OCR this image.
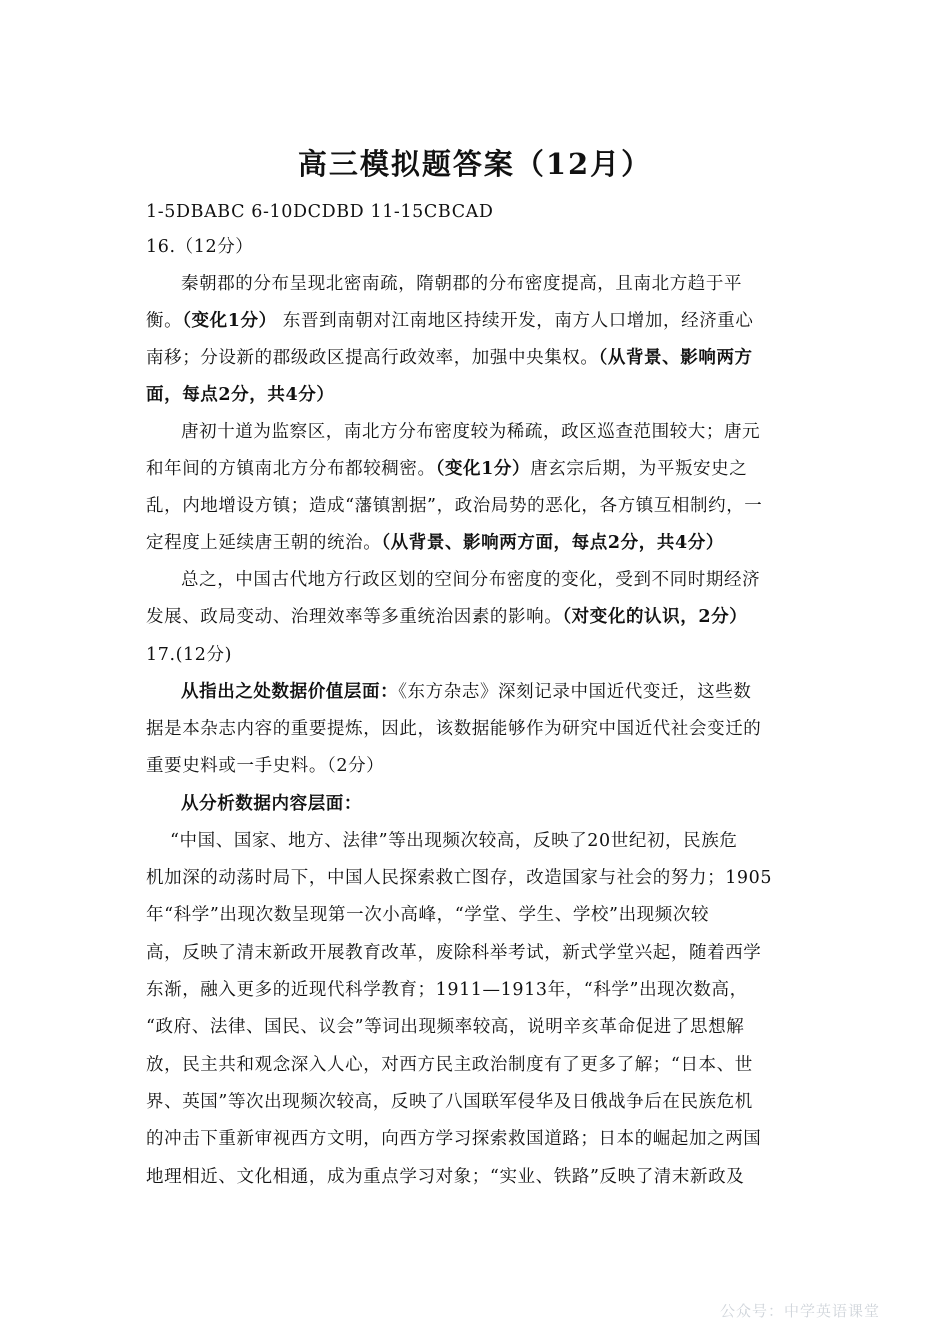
高三模拟题答案（12月）
1-5DBABC 6-10DCDBD 11-15CBCAD
16.（12分）
秦朝郡的分布呈现北密南疏，隋朝郡的分布密度提高，且南北方趋于平
衡。（变化1分） 东晋到南朝对江南地区持续开发，南方人口增加，经济重心
南移；分设新的郡级政区提高行政效率，加强中央集权。（从背景、影响两方
面，每点2分，共4分）
唐初十道为监察区，南北方分布密度较为稀疏，政区巡查范围较大；唐元
和年间的方镇南北方分布都较稠密。（变化1分）唐玄宗后期，为平叛安史之
乱，内地增设方镇；造成“藩镇割据”，政治局势的恶化，各方镇互相制约，一
定程度上延续唐王朝的统治。（从背景、影响两方面，每点2分，共4分）
总之，中国古代地方行政区划的空间分布密度的变化，受到不同时期经济
发展、政局变动、治理效率等多重统治因素的影响。（对变化的认识，2分）
17.(12分)
从指出之处数据价值层面：《东方杂志》深刻记录中国近代变迁，这些数
据是本杂志内容的重要提炼，因此，该数据能够作为研究中国近代社会变迁的
重要史料或一手史料。（2分）
从分析数据内容层面：
“中国、国家、地方、法律”等出现频次较高，反映了20世纪初，民族危
机加深的动荡时局下，中国人民探索救亡图存，改造国家与社会的努力；1905
年“科学”出现次数呈现第一次小高峰，“学堂、学生、学校”出现频次较
高，反映了清末新政开展教育改革，废除科举考试，新式学堂兴起，随着西学
东渐，融入更多的近现代科学教育；1911—1913年，“科学”出现次数高，
“政府、法律、国民、议会”等词出现频率较高，说明辛亥革命促进了思想解
放，民主共和观念深入人心，对西方民主政治制度有了更多了解；“日本、世
界、英国”等次出现频次较高，反映了八国联军侵华及日俄战争后在民族危机
的冲击下重新审视西方文明，向西方学习探索救国道路；日本的崛起加之两国
地理相近、文化相通，成为重点学习对象；“实业、铁路”反映了清末新政及
公众号：中学英语课堂
